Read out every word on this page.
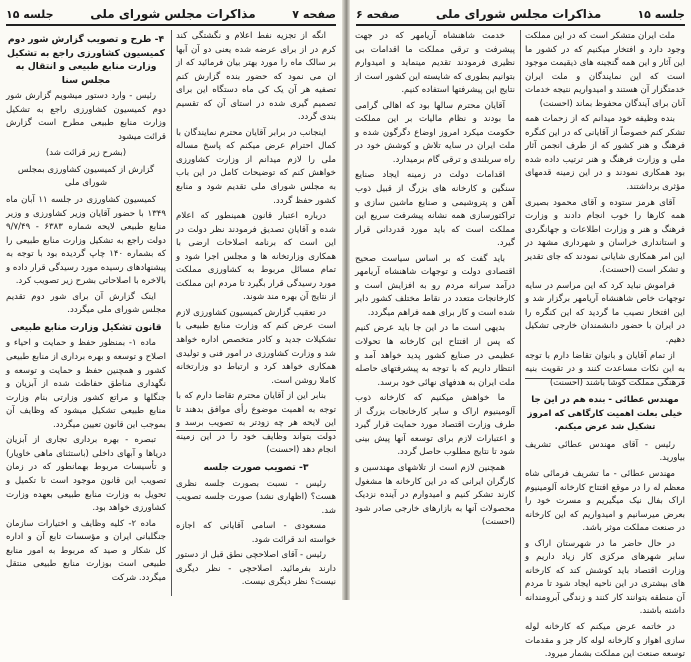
صفحه ۷
مذاکرات مجلس شورای ملی
جلسه ۱۵

انگه از تجزیه نفط اعلام و نگشتگی کند کرم در از برای عرضه شده یعنی دو آن آبها بر سالک ماه را مورد بهتر بیان فرمائید که از ان می نمود که حضور بنده گزارش کنم تصفیه هر آن یک کی ماه دستگاه این برای تصمیم گیری شده در استای آن که تقسیم بندی گردد.

اینجانب در برابر آقایان محترم نمایندگان با کمال احترام عرض میکنم که پاسخ مساله ملی را لازم میدانم از وزارت کشاورزی خواهش کنم که توضیحات کامل در این باب به مجلس شورای ملی تقدیم شود و منابع کشور حفظ گردد.

درباره اعتبار قانون همینطور که اعلام شده و آقایان تصدیق فرمودند نظر دولت در این است که برنامه اصلاحات ارضی با همکاری وزارتخانه ها و مجلس اجرا شود و تمام مسائل مربوط به کشاورزی مملکت مورد رسیدگی قرار بگیرد تا مردم این مملکت از نتایج آن بهره مند شوند.

در تعقیب گزارش کمیسیون کشاورزی لازم است عرض کنم که وزارت منابع طبیعی با تشکیلات جدید و کادر متخصص اداره خواهد شد و وزارت کشاورزی در امور فنی و تولیدی همکاری خواهد کرد و ارتباط دو وزارتخانه کاملا روشن است.

بنابر این از آقایان محترم تقاضا دارم که با توجه به اهمیت موضوع رأی موافق بدهند تا این لایحه هر چه زودتر به تصویب برسد و دولت بتواند وظایف خود را در این زمینه انجام دهد (احسنت)

۳- تصویب صورت جلسه

رئیس - نسبت بصورت جلسه نظری هست؟ (اظهاری نشد) صورت جلسه تصویب شد.

مسعودی - اسامی آقایانی که اجازه خواسته اند قرائت شود.

رئیس - آقای اصلاحچی نطق قبل از دستور دارند بفرمائید. اصلاحچی - نظر دیگری نیست؟ نظر دیگری نیست.

۴- طرح و تصویب گزارش شور دوم کمیسیون کشاورزی راجع به تشکیل وزارت منابع طبیعی و انتقال به مجلس سنا

رئیس - وارد دستور میشویم گزارش شور دوم کمیسیون کشاورزی راجع به تشکیل وزارت منابع طبیعی مطرح است گزارش قرائت میشود

(بشرح زیر قرائت شد)

گزارش از کمیسیون کشاورزی بمجلس شورای ملی

کمیسیون کشاورزی در جلسه ۱۱ آبان ماه ۱۳۴۹ با حضور آقایان وزیر کشاورزی و وزیر منابع طبیعی لایحه شماره ۶۳۸۳ - ۹/۷/۴۹ دولت راجع به تشکیل وزارت منابع طبیعی را که بشماره ۱۴۰ چاپ گردیده بود با توجه به پیشنهادهای رسیده مورد رسیدگی قرار داده و بالاخره با اصلاحاتی بشرح زیر تصویب کرد.

اینک گزارش آن برای شور دوم تقدیم مجلس شورای ملی میگردد.

قانون تشکیل وزارت منابع طبیعی

ماده ۱- بمنظور حفظ و حمایت و احیاء و اصلاح و توسعه و بهره برداری از منابع طبیعی کشور و همچنین حفظ و حمایت و توسعه و نگهداری مناطق حفاظت شده از آبزیان و جنگلها و مراتع کشور وزارتی بنام وزارت منابع طبیعی تشکیل میشود که وظایف آن بموجب این قانون تعیین میگردد.

تبصره - بهره برداری تجاری از آبزیان دریاها و آبهای داخلی (باستثنای ماهی خاویار) و تأسیسات مربوط بهمانطور که در زمان تصویب این قانون موجود است تا تکمیل و تحویل به وزارت منابع طبیعی بعهده وزارت کشاورزی خواهد بود.

ماده ۲- کلیه وظایف و اختیارات سازمان جنگلبانی ایران و مؤسسات تابع آن و اداره کل شکار و صید که مربوط به امور منابع طبیعی است بوزارت منابع طبیعی منتقل میگردد. شرکت

جلسه ۱۵
مذاکرات مجلس شورای ملی
صفحه ۶

ملت ایران متشکر است که در این مملکت وجود دارد و افتخار میکنیم که در کشور ما این آثار و این همه گنجینه های ذیقیمت موجود است که این نمایندگان و ملت ایران خدمتگزار آن هستند و امیدواریم نتیجه خدمات آنان برای آیندگان محفوظ بماند (احسنت)

بنده وظیفه خود میدانم که از زحمات همه تشکر کنم خصوصاً از آقایانی که در این کنگره فرهنگ و هنر کشور که از طرف انجمن آثار ملی و وزارت فرهنگ و هنر ترتیب داده شده بود همکاری نمودند و در این زمینه قدمهای مؤثری برداشتند.

آقای هرمز ستوده و آقای محمود بصیری همه کارها را خوب انجام دادند و وزارت فرهنگ و هنر و وزارت اطلاعات و جهانگردی و استانداری خراسان و شهرداری مشهد در این امر همکاری شایانی نمودند که جای تقدیر و تشکر است (احسنت).

فراموش نباید کرد که این مراسم در سایه توجهات خاص شاهنشاه آریامهر برگزار شد و این افتخار نصیب ما گردید که این کنگره را در ایران با حضور دانشمندان خارجی تشکیل دهیم.

از تمام آقایان و بانوان تقاضا دارم با توجه به این نکات مساعدت کنند و در تقویت بنیه فرهنگی مملکت کوشا باشند (احسنت)

مهندس عطائی - بنده هم در این جا خیلی بعلت اهمیت کارگاهی که امروز تشکیل شد عرض میکنم.

رئیس - آقای مهندس عطائی تشریف بیاورید.

مهندس عطائی - ما تشریف فرمائی شاه معظم له را در موقع افتتاح کارخانه آلومینیوم اراک بفال نیک میگیریم و مسرت خود را بعرض میرسانیم و امیدواریم که این کارخانه در صنعت مملکت موثر باشد.

در حال حاضر ما در شهرستان اراک و سایر شهرهای مرکزی کار زیاد داریم و وزارت اقتصاد باید کوشش کند که کارخانه های بیشتری در این ناحیه ایجاد شود تا مردم آن منطقه بتوانند کار کنند و زندگی آبرومندانه داشته باشند.

در خاتمه عرض میکنم که کارخانه لوله سازی اهواز و کارخانه لوله کار جز و مقدمات توسعه صنعت این مملکت بشمار میرود.

خدمت شاهنشاه آریامهر که در جهت پیشرفت و ترقی مملکت ما اقدامات بی نظیری فرمودند تقدیم مینماید و امیدوارم بتوانیم بطوری که شایسته این کشور است از نتایج این پیشرفتها استفاده کنیم.

آقایان محترم سالها بود که اهالی گرامی ما بودند و نظام مالیات بر این مملکت حکومت میکرد امروز اوضاع دگرگون شده و ملت ایران در سایه تلاش و کوشش خود در راه سربلندی و ترقی گام برمیدارد.

اقدامات دولت در زمینه ایجاد صنایع سنگین و کارخانه های بزرگ از قبیل ذوب آهن و پتروشیمی و صنایع ماشین سازی و تراکتورسازی همه نشانه پیشرفت سریع این مملکت است که باید مورد قدردانی قرار گیرد.

باید گفت که بر اساس سیاست صحیح اقتصادی دولت و توجهات شاهنشاه آریامهر درآمد سرانه مردم رو به افزایش است و کارخانجات متعدد در نقاط مختلف کشور دایر شده است و کار برای همه فراهم میگردد.

بدیهی است ما در این جا باید عرض کنیم که پس از افتتاح این کارخانه ها تحولات عظیمی در صنایع کشور پدید خواهد آمد و انتظار داریم که با توجه به پیشرفتهای حاصله ملت ایران به هدفهای نهائی خود برسد.

ما خواهش میکنیم که کارخانه ذوب آلومینیوم اراک و سایر کارخانجات بزرگ از طرف وزارت اقتصاد مورد حمایت قرار گیرد و اعتبارات لازم برای توسعه آنها پیش بینی شود تا نتایج مطلوب حاصل گردد.

همچنین لازم است از تلاشهای مهندسین و کارگران ایرانی که در این کارخانه ها مشغول کارند تشکر کنیم و امیدوارم در آینده نزدیک محصولات آنها به بازارهای خارجی صادر شود (احسنت)
